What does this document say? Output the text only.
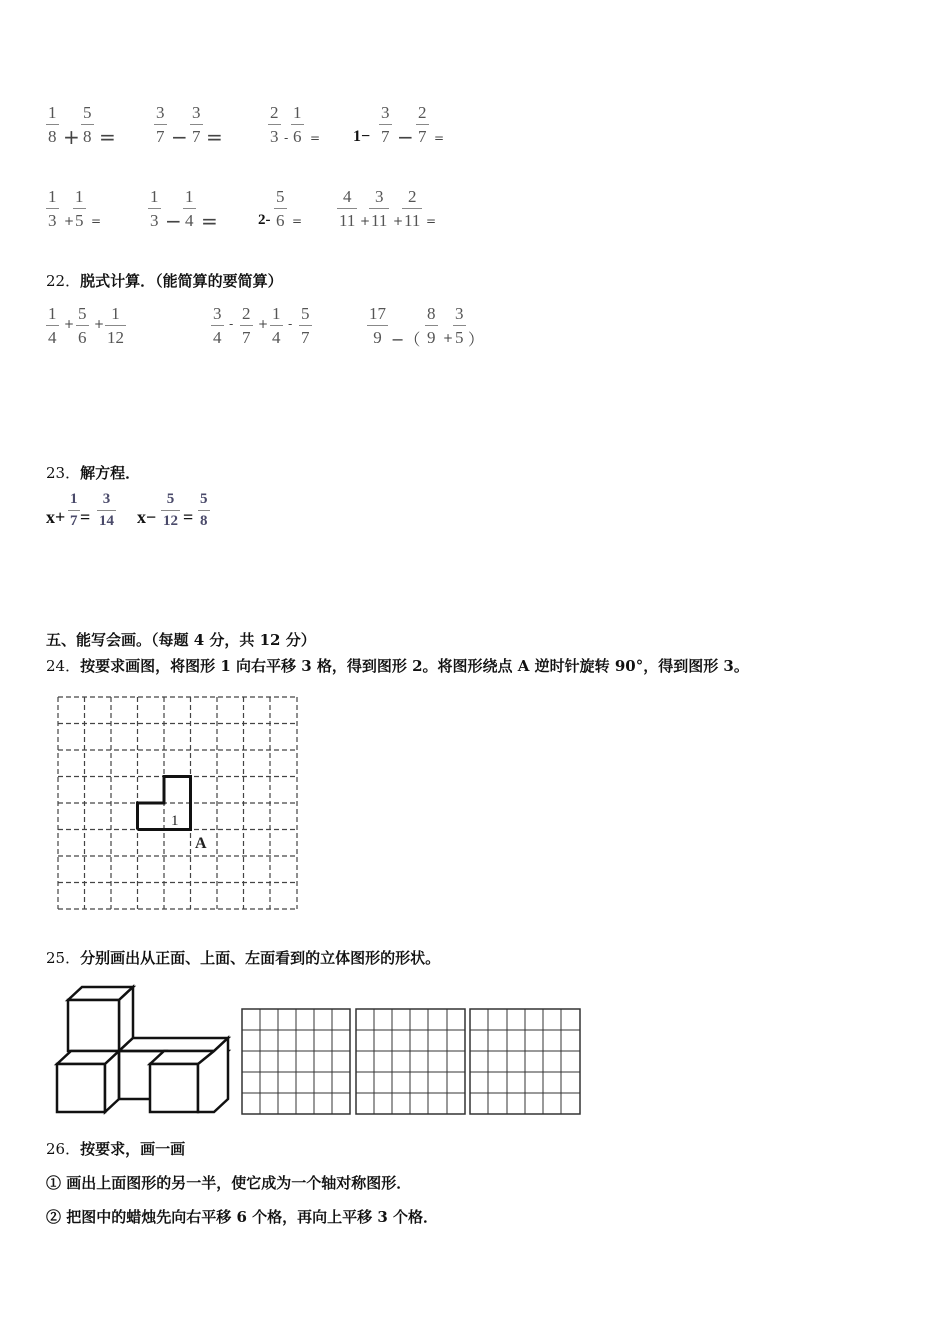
1
8 +
5
8 =
3
7 −
3
7 =
2
3 -
1
6 = 1−
3
7 −
2
7 =
1
3 +
1
5 =
1
3 −
1
4 =	2-
5
6 =
4
11 +
3
11 +
2
11 =
22．脱式计算．（能简算的要简算）
1
4
+
5
6
+
1
12
3
4
-
2
7
+
1
4
-
5
7
17
9 −（
8
9 +
3
5 ）
23．解方程．
x+
1
7 =
3
14 x−
5
12 =
5
8
五、能写会画。（每题 4 分，共 12 分）
24．按要求画图，将图形 1 向右平移 3 格，得到图形 2。将图形绕点 A 逆时针旋转 90°，得到图形 3。
1
A
25．分别画出从正面、上面、左面看到的立体图形的形状。
26．按要求，画一画
① 画出上面图形的另一半，使它成为一个轴对称图形．
② 把图中的蜡烛先向右平移 6 个格，再向上平移 3 个格．
